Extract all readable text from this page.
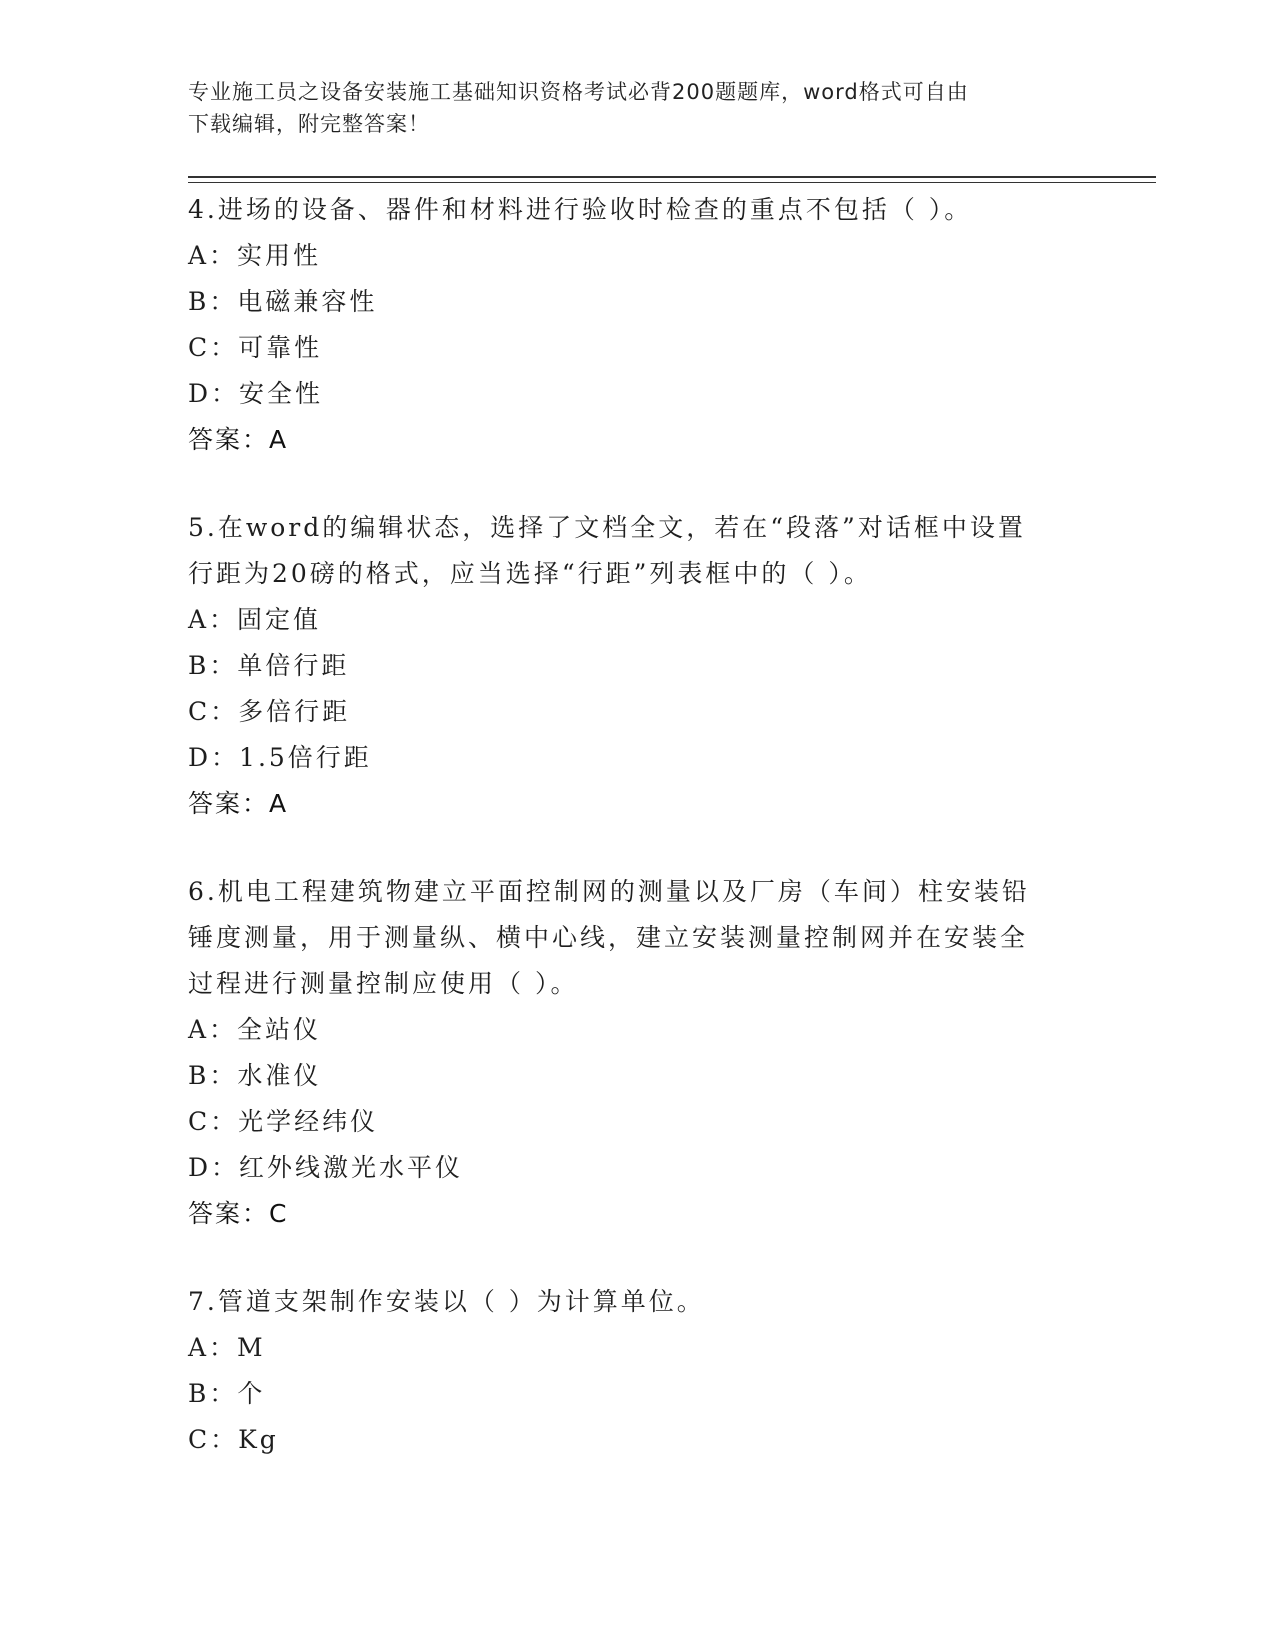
专业施工员之设备安装施工基础知识资格考试必背200题题库，word格式可自由

下载编辑，附完整答案！

4.进场的设备、器件和材料进行验收时检查的重点不包括（ ）。
A：实用性
B：电磁兼容性
C：可靠性
D：安全性
答案：A
5.在word的编辑状态，选择了文档全文，若在“段落”对话框中设置
行距为20磅的格式，应当选择“行距”列表框中的（ ）。
A：固定值
B：单倍行距
C：多倍行距
D：1.5倍行距
答案：A
6.机电工程建筑物建立平面控制网的测量以及厂房（车间）柱安装铅
锤度测量，用于测量纵、横中心线，建立安装测量控制网并在安装全
过程进行测量控制应使用（ ）。
A：全站仪
B：水准仪
C：光学经纬仪
D：红外线激光水平仪
答案：C
7.管道支架制作安装以（ ）为计算单位。
A：M
B：个
C：Kg
